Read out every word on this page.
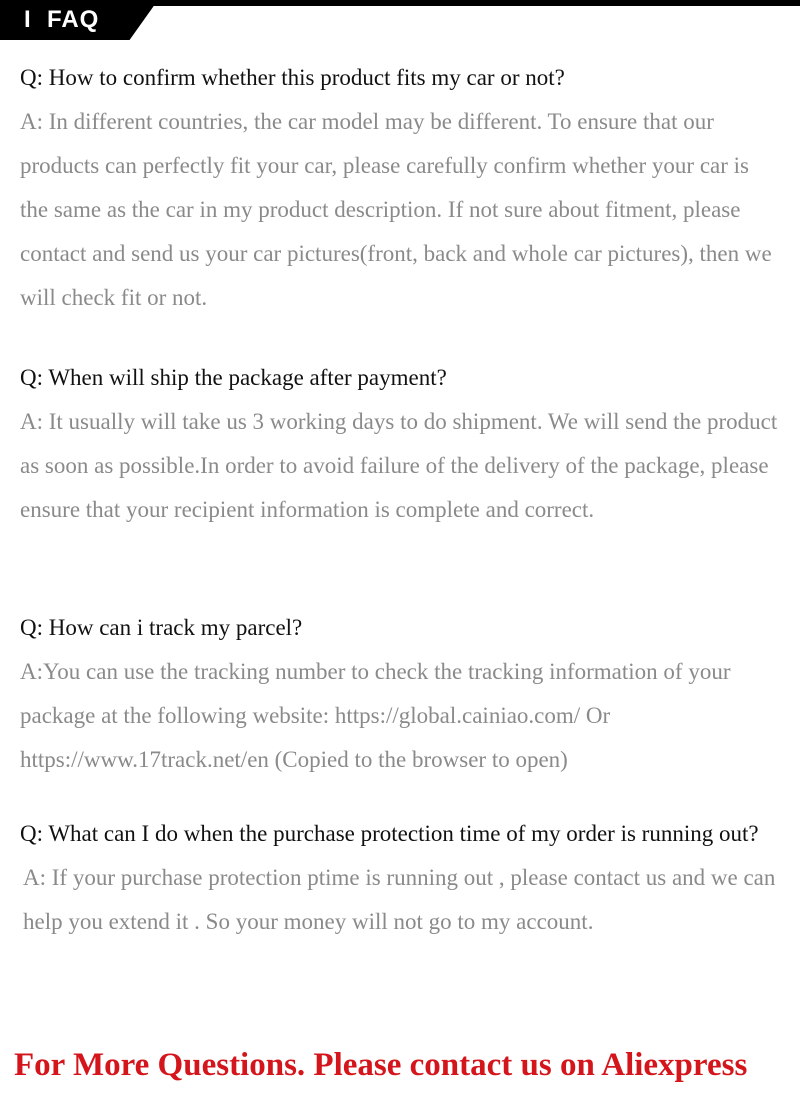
I  FAQ

Q: How to confirm whether this product fits my car or not?

A: In different countries, the car model may be different. To ensure that our products can perfectly fit your car, please carefully confirm whether your car is the same as the car in my product description. If not sure about fitment, please contact and send us your car pictures(front, back and whole car pictures), then we will check fit or not.

Q: When will ship the package after payment?

A: It usually will take us 3 working days to do shipment. We will send the product as soon as possible.In order to avoid failure of the delivery of the package, please ensure that your recipient information is complete and correct.

Q: How can i track my parcel?

A:You can use the tracking number to check the tracking information of your package at the following website: https://global.cainiao.com/ Or https://www.17track.net/en (Copied to the browser to open)

Q: What can I do when the purchase protection time of my order is running out?

A: If your purchase protection ptime is running out , please contact us and we can help you extend it . So your money will not go to my account.

For More Questions. Please contact us on Aliexpress
